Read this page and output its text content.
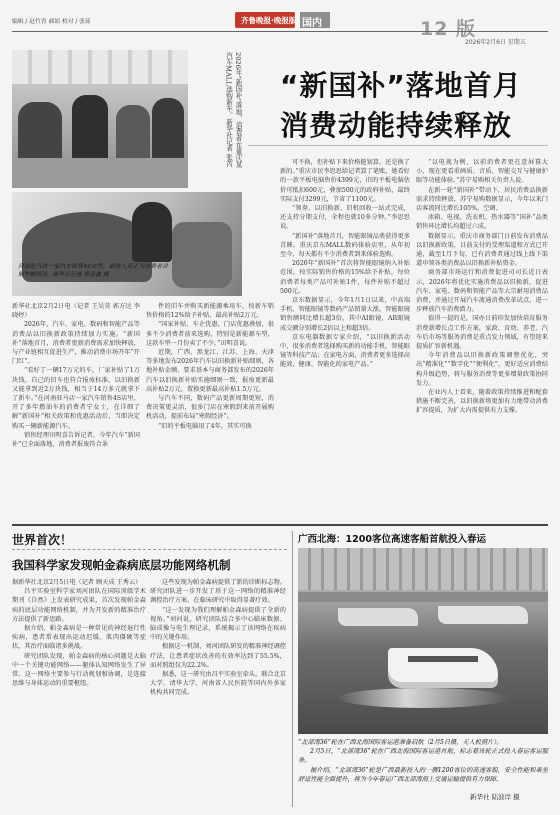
编辑 / 赵竹青 郝娟 校对 / 张茹	齐鲁晚报·晚报版 国内	12 版
2026年2月6日 星期五

河南驻马店一家汽车销售4S店里，销售人员正为消费者讲解车辆情况。新华社记者 杨金鑫 摄

2026年“新国补”落地，消费者在重庆某汽车MALL选购新车。新华社记者 张芮	“新国补”落地首月
消费动能持续释放

新华社北京2月2日电（记者 王吴莫 郭方达 李晓婷）

2026年，汽车、家电、数码和智能产品等消费品以旧换新政策持续加力实施。“新国补”落地首月，消费者更新消费需求加快释放，与产业链相互促进生产，推动消费市场开年“开门红”。

“看好了一辆17万元的车，厂家补贴了1万块钱，自己的旧车也符合报废标准，以旧换新又能拿到近2万块钱，相当于14万多元就拿下了新车。”在河南驻马店一家汽车销售4S店里，开了多年燃油车的消费者宁女士，在详细了解“新国补”相关政策和优惠活动后，当即决定购买一辆新能源汽车。

销售经理田明喜告诉记者，今年汽车“新国补”已全面落地，消费者报废符合条

件的旧车并购买新能源乘用车，按新车销售价格的12%给予补贴，最高补贴2万元。

“国家补贴、车企优惠、门店优惠叠加，很多不少消费者前来选购，特别是新能源车型，这款车型一月份卖了不少。”田明喜说。

近期，广西、黑龙江、江苏、上海、天津等多地发布2026年汽车以旧换新补贴细则，各地补贴金额、要求基本与商务部发布的2026年汽车以旧换新补贴实施细则一致，报废更新最高补贴2万元，置换更新最高补贴1.5万元。

与汽车不同，数码产品更新周期更短，消费决策更灵活，很多门店在寒假到来前开展购机活动，提前布局“寒假经济”。

“旧的平板电脑用了4年，其实可换

可不换，但补贴下来价格挺划算，还是换了新的。”重庆市民李思思给记者算了笔账，她看好的一款平板电脑售价4399元，旧的平板电脑估价可抵扣600元，叠加500元的政府补贴，最终实际支付3299元，节省了1100元。

“领券、以旧换新、旧机回收一站式完成，还支持分期支付，全程也就10多分钟。”李思思说。

“新国补”落地首月，智能眼镜品类获得更多青睐。重庆京东MALL数码体验店里，从年初至今，每天都有不少消费者到来体验选购。

2026年“新国补”首次将智能眼镜纳入补贴范围，按实际销售价格的15%给予补贴，每位消费者每类产品可补贴1件，每件补贴不超过500元。

京东数据显示，今年1月1日以来，中高端手机、智能眼镜等数码产品销量大涨，智能眼镜销售额同比增长超3倍，其中AI眼镜、AR眼镜成交额分别增长2倍以上和超3倍。

京东电器数据专家介绍，“以旧换新活动中，很多消费者选择购买新的功能手机、智能眼镜等科技产品；在家电方面，消费者更多选择高能效、健康、智能化的家电产品。”

“以电视为例，以前消费者更在意屏幕大小，现在更看重画质、音质、智能交互与健康护眼等功能体验。”苏宁易购相关负责人说。

在新一轮“新国补”带动下，居民消费品换新需求持续释放，苏宁易购数据显示，今年以来门店客流同比增长105%，空调、

冰箱、电视、洗衣机、热水器等“国补”品类销售环比增长均超过六成。

数据显示，重庆市商务部门日前发布消费品以旧换新政策，目前支付的受理渠道和方式已开通，截至1月下旬，已有消费者通过线上线下渠道申领各类消费品以旧换新补贴资金。

商务部市场运行和消费促进司司长近日表示，2026年将优化实施消费品以旧换新，促进汽车、家电、数码和智能产品等大宗耐用消费品消费，并通过开展汽车流通消费改革试点，进一步释放汽车消费潜力。

值得一提的是，国办日前印发加快培育服务消费新增长点工作方案，家政、育幼、养老、汽车后市场等服务消费是重点发力领域，有望迎来提质扩容新机遇。

今年消费品以旧换新政策调整优化，突出“精准化”“数字化”“便利化”，更好适应消费结构升级趋势，将与服务消费等更多增量政策协同发力。

在业内人士看来，随着政策持续推进和配套措施不断完善，以旧换新将更加有力地带动消费扩容提质，为扩大内需提供有力支撑。

世界首次！
我国科学家发现帕金森病底层功能网络机制

据新华社北京2月5日电（记者 顾天成 王秀云）

昌平实验室科学家刘河团队在国际顶级学术期刊《自然》上发表研究成果，首次发现帕金森病的底层功能网络机制，并为开发新的精准治疗方法提供了新思路。

据介绍，帕金森病是一种常见的神经退行性疾病，患者常表现出运动迟缓、肌肉僵硬等症状，其治疗面临诸多挑战。

研究团队发现，帕金森病的核心问题是大脑中一个关键功能网络——躯体认知网络发生了异常。这一网络主要参与行动规划和协调，是连接思维与身体运动的重要枢纽。

这些发现为帕金森病提供了新的诊断标志物。研究团队进一步开发了基于这一网络的精准神经调控治疗方案，在临床研究中取得显著疗效。

“这一发现为我们理解帕金森病提供了全新的视角。”刘河说，研究团队结合多中心临床数据、脑成像与电生理记录，系统揭示了该网络在疾病中的关键作用。

根据这一机制，刘河团队研发的精准神经调控疗法，让患者症状改善的有效率达到了55.5%，而对照组仅为22.2%。

据悉，这一研究由昌平实验室牵头，联合北京大学、清华大学、河南省人民医院等国内外多家机构共同完成。

广西北海：1200客位高速客船首航投入春运

“北部湾36”轮在广西北海国际客运港准备启航（2月5日摄，无人机照片）。

2月5日，“北部湾36”轮在广西北海国际客运港首航，标志着该轮正式投入春运客运服务。

据介绍，“北部湾36”轮是广西最新投入的一艘1200客位的高速客船，安全性能和乘坐舒适性能全面提升，将为今年春运广西北部湾海上交通运输提供有力保障。

新华社 陆波岸 摄
